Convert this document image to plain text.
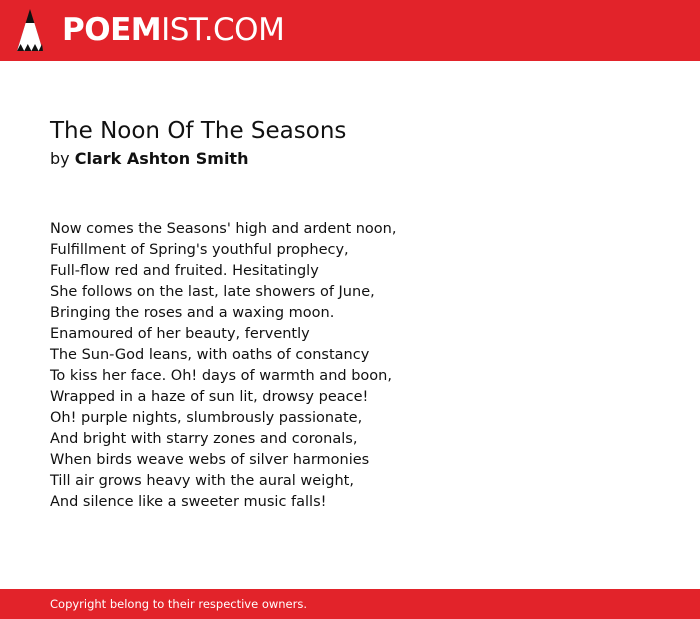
POEMIST.COM
The Noon Of The Seasons
by Clark Ashton Smith
Now comes the Seasons' high and ardent noon,
Fulfillment of Spring's youthful prophecy,
Full-flow red and fruited. Hesitatingly
She follows on the last, late showers of June,
Bringing the roses and a waxing moon.
Enamoured of her beauty, fervently
The Sun-God leans, with oaths of constancy
To kiss her face. Oh! days of warmth and boon,
Wrapped in a haze of sun lit, drowsy peace!
Oh! purple nights, slumbrously passionate,
And bright with starry zones and coronals,
When birds weave webs of silver harmonies
Till air grows heavy with the aural weight,
And silence like a sweeter music falls!
Copyright belong to their respective owners.
